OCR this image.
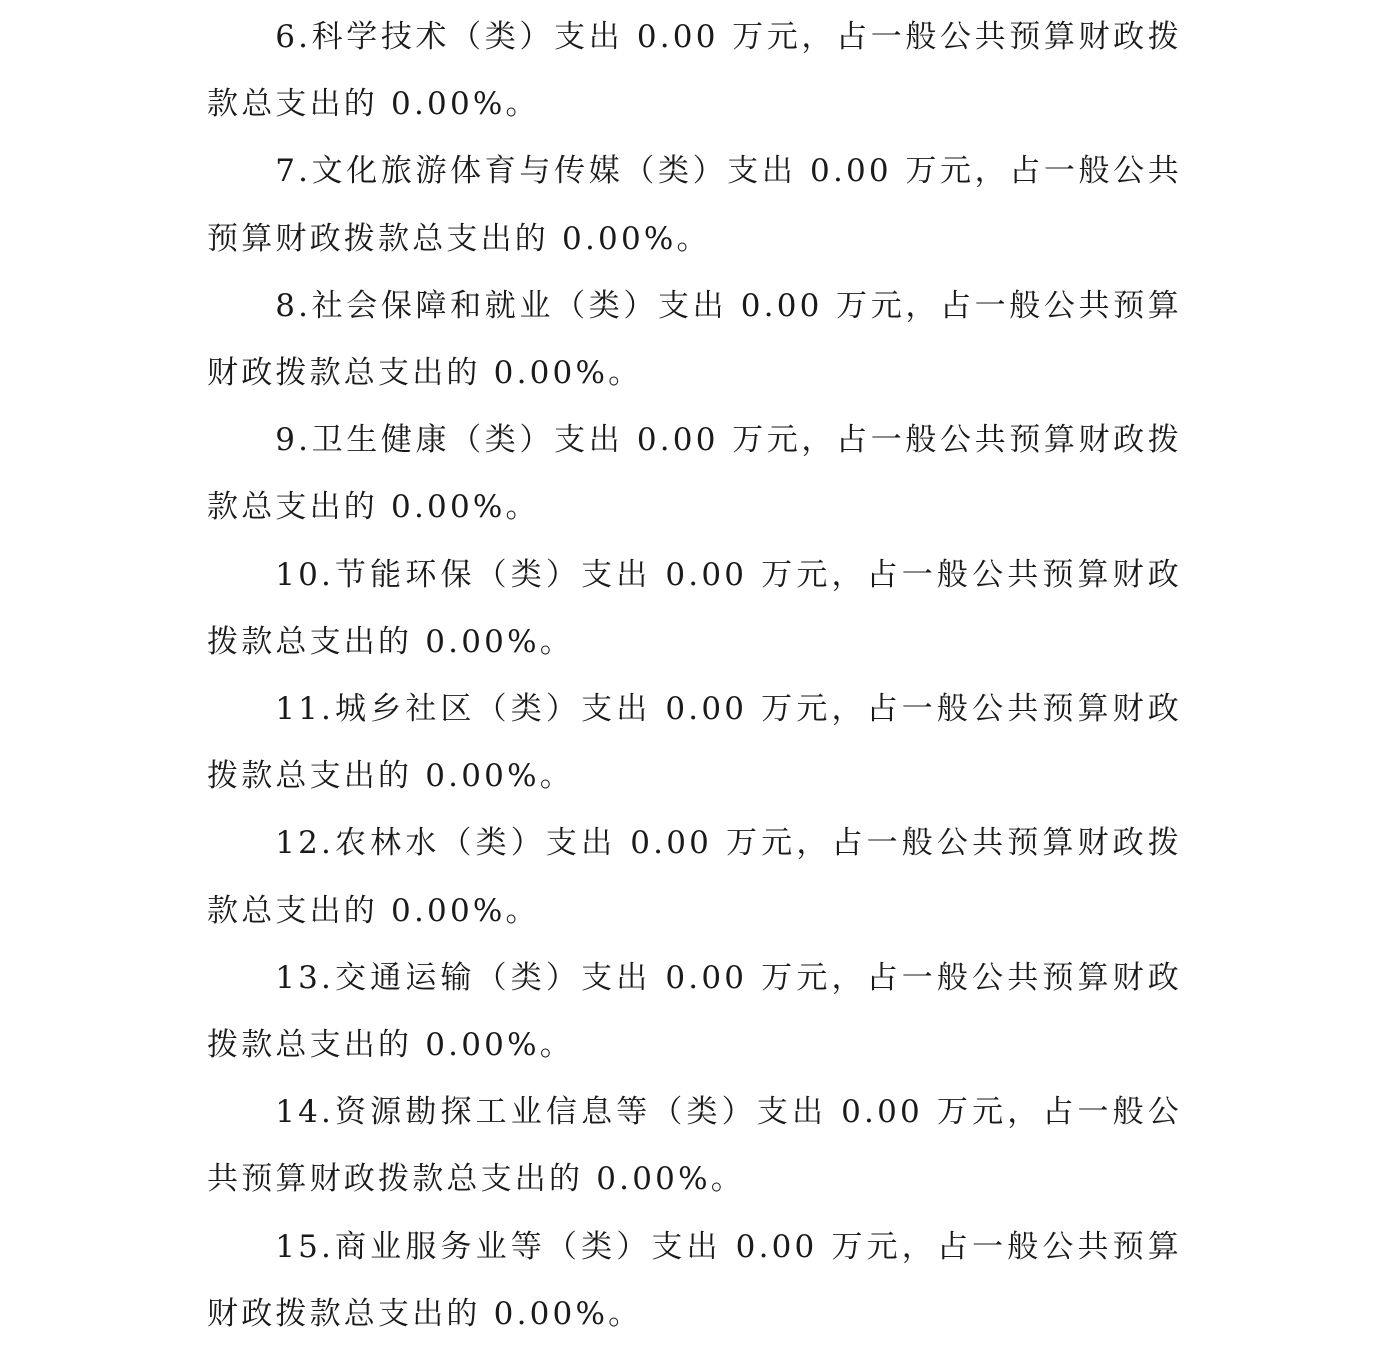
6.科学技术（类）支出 0.00 万元，占一般公共预算财政拨款总支出的 0.00%。

7.文化旅游体育与传媒（类）支出 0.00 万元，占一般公共预算财政拨款总支出的 0.00%。

8.社会保障和就业（类）支出 0.00 万元，占一般公共预算财政拨款总支出的 0.00%。

9.卫生健康（类）支出 0.00 万元，占一般公共预算财政拨款总支出的 0.00%。

10.节能环保（类）支出 0.00 万元，占一般公共预算财政拨款总支出的 0.00%。

11.城乡社区（类）支出 0.00 万元，占一般公共预算财政拨款总支出的 0.00%。

12.农林水（类）支出 0.00 万元，占一般公共预算财政拨款总支出的 0.00%。

13.交通运输（类）支出 0.00 万元，占一般公共预算财政拨款总支出的 0.00%。

14.资源勘探工业信息等（类）支出 0.00 万元，占一般公共预算财政拨款总支出的 0.00%。

15.商业服务业等（类）支出 0.00 万元，占一般公共预算财政拨款总支出的 0.00%。
